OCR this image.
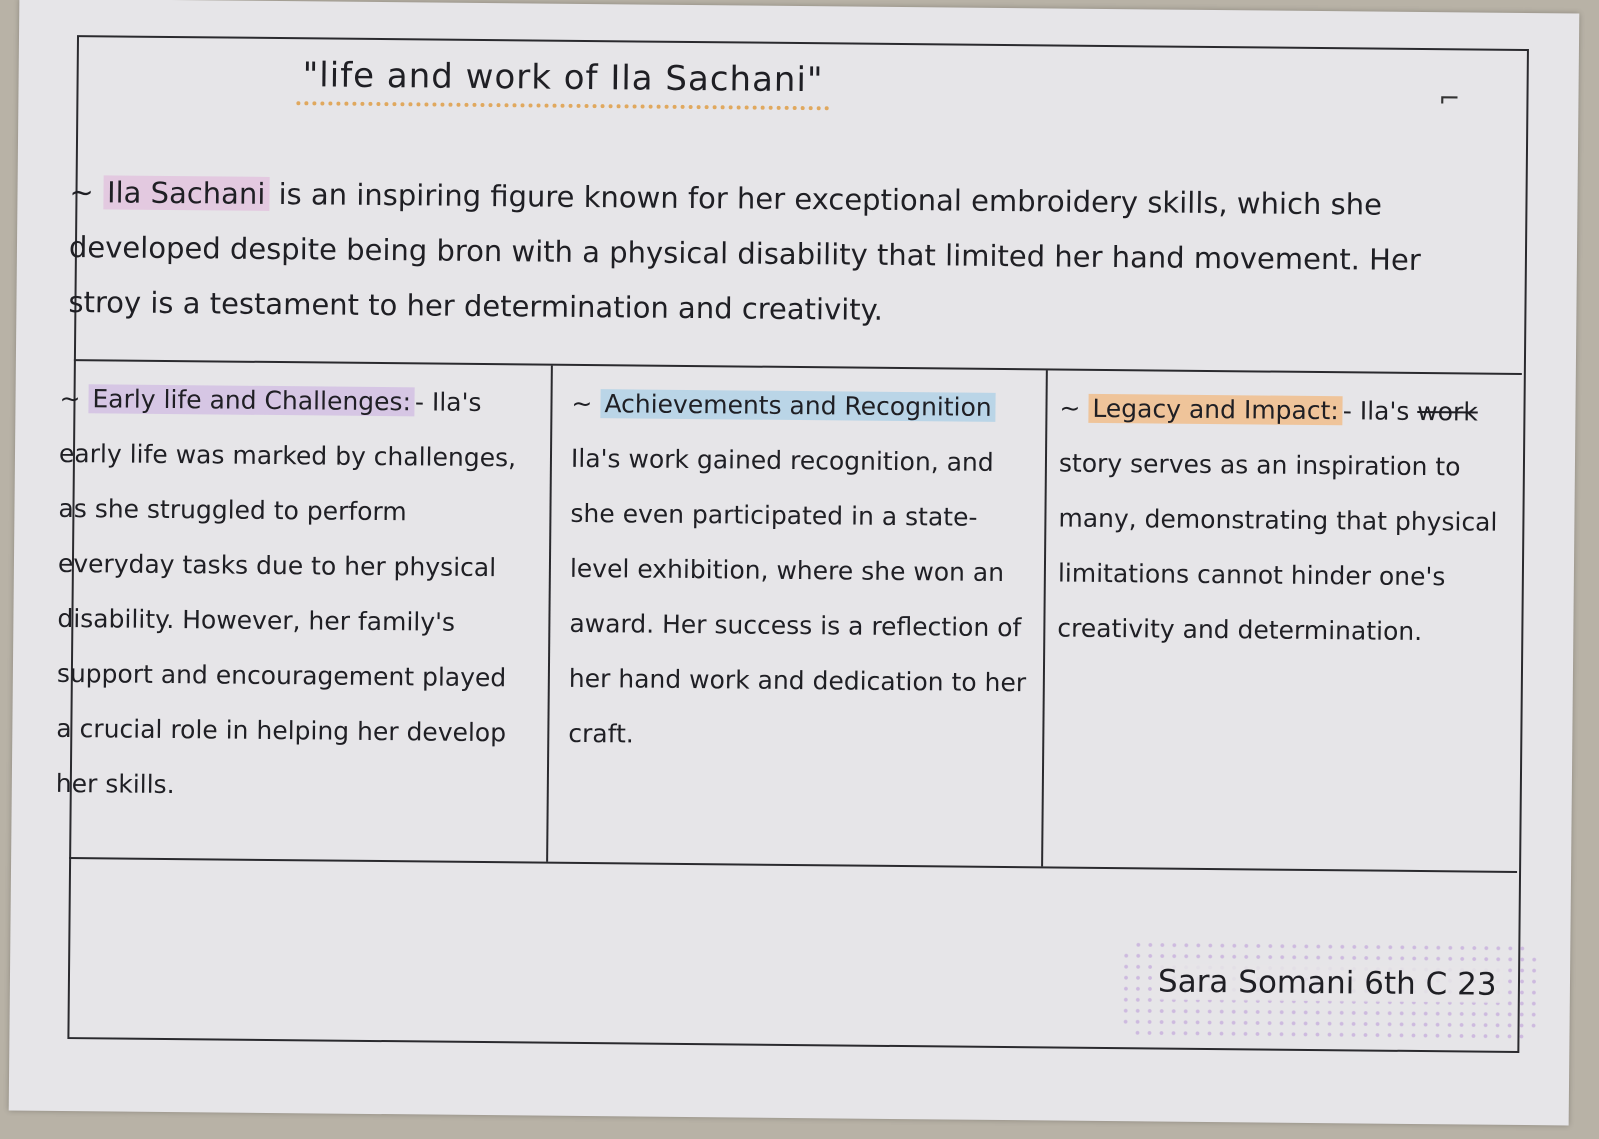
⌐
"life and work of Ila Sachani"
~ Ila Sachani is an inspiring figure known for her exceptional embroidery skills, which she developed despite being bron with a physical disability that limited her hand movement. Her stroy is a testament to her determination and creativity.
~ Early life and Challenges: - Ila's early life was marked by challenges, as she struggled to perform everyday tasks due to her physical disability. However, her family's support and encouragement played a crucial role in helping her develop her skills.
~ Achievements and Recognition
Ila's work gained recognition, and she even participated in a state-level exhibition, where she won an award. Her success is a reflection of her hand work and dedication to her craft.
~ Legacy and Impact: - Ila's work story serves as an inspiration to many, demonstrating that physical limitations cannot hinder one's creativity and determination.
Sara Somani 6th C 23
